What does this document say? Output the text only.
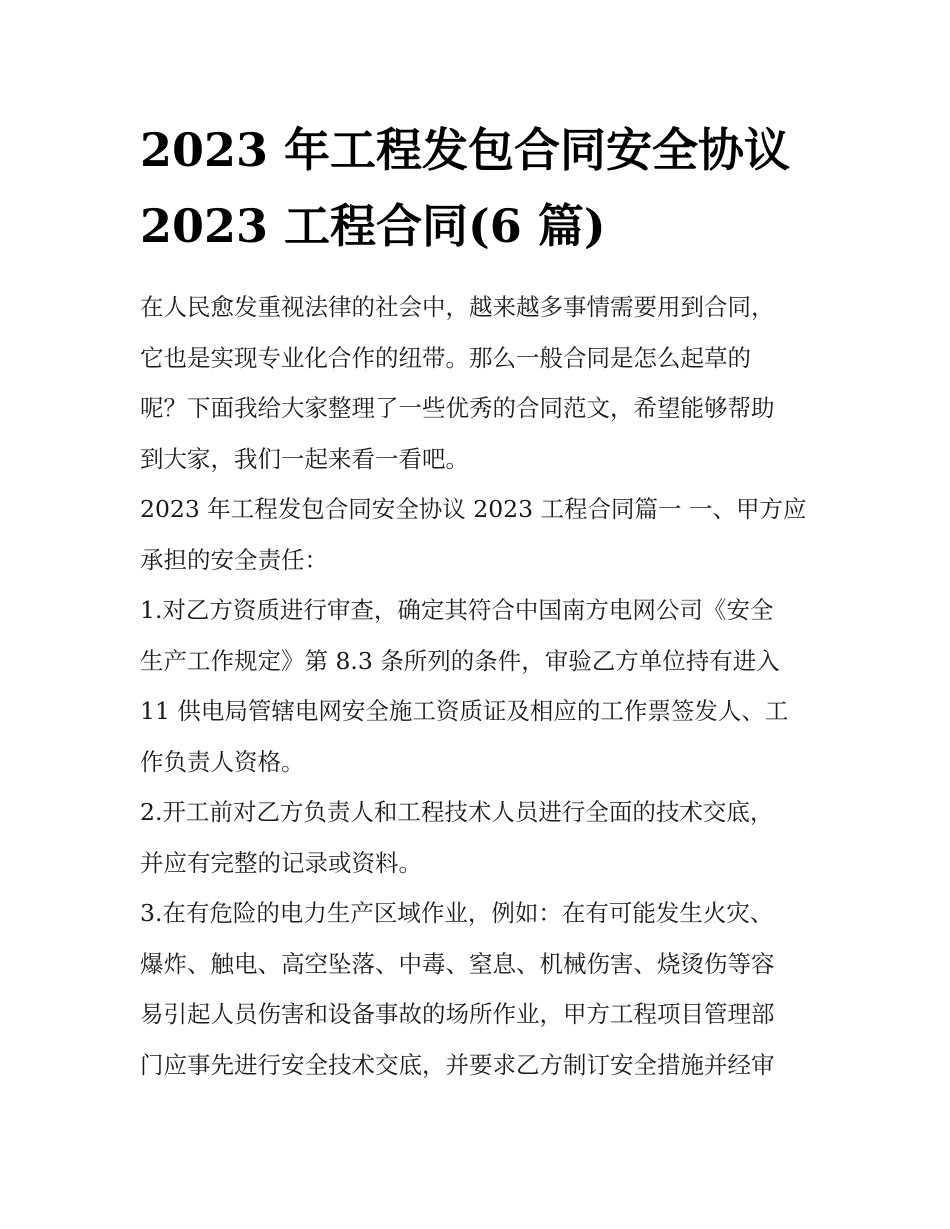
2023 年工程发包合同安全协议
2023 工程合同(6 篇)
在人民愈发重视法律的社会中，越来越多事情需要用到合同，
它也是实现专业化合作的纽带。那么一般合同是怎么起草的
呢？下面我给大家整理了一些优秀的合同范文，希望能够帮助
到大家，我们一起来看一看吧。
2023 年工程发包合同安全协议 2023 工程合同篇一 一、甲方应
承担的安全责任：
1.对乙方资质进行审查，确定其符合中国南方电网公司《安全
生产工作规定》第 8.3 条所列的条件，审验乙方单位持有进入
11 供电局管辖电网安全施工资质证及相应的工作票签发人、工
作负责人资格。
2.开工前对乙方负责人和工程技术人员进行全面的技术交底，
并应有完整的记录或资料。
3.在有危险的电力生产区域作业，例如：在有可能发生火灾、
爆炸、触电、高空坠落、中毒、窒息、机械伤害、烧烫伤等容
易引起人员伤害和设备事故的场所作业，甲方工程项目管理部
门应事先进行安全技术交底，并要求乙方制订安全措施并经审
